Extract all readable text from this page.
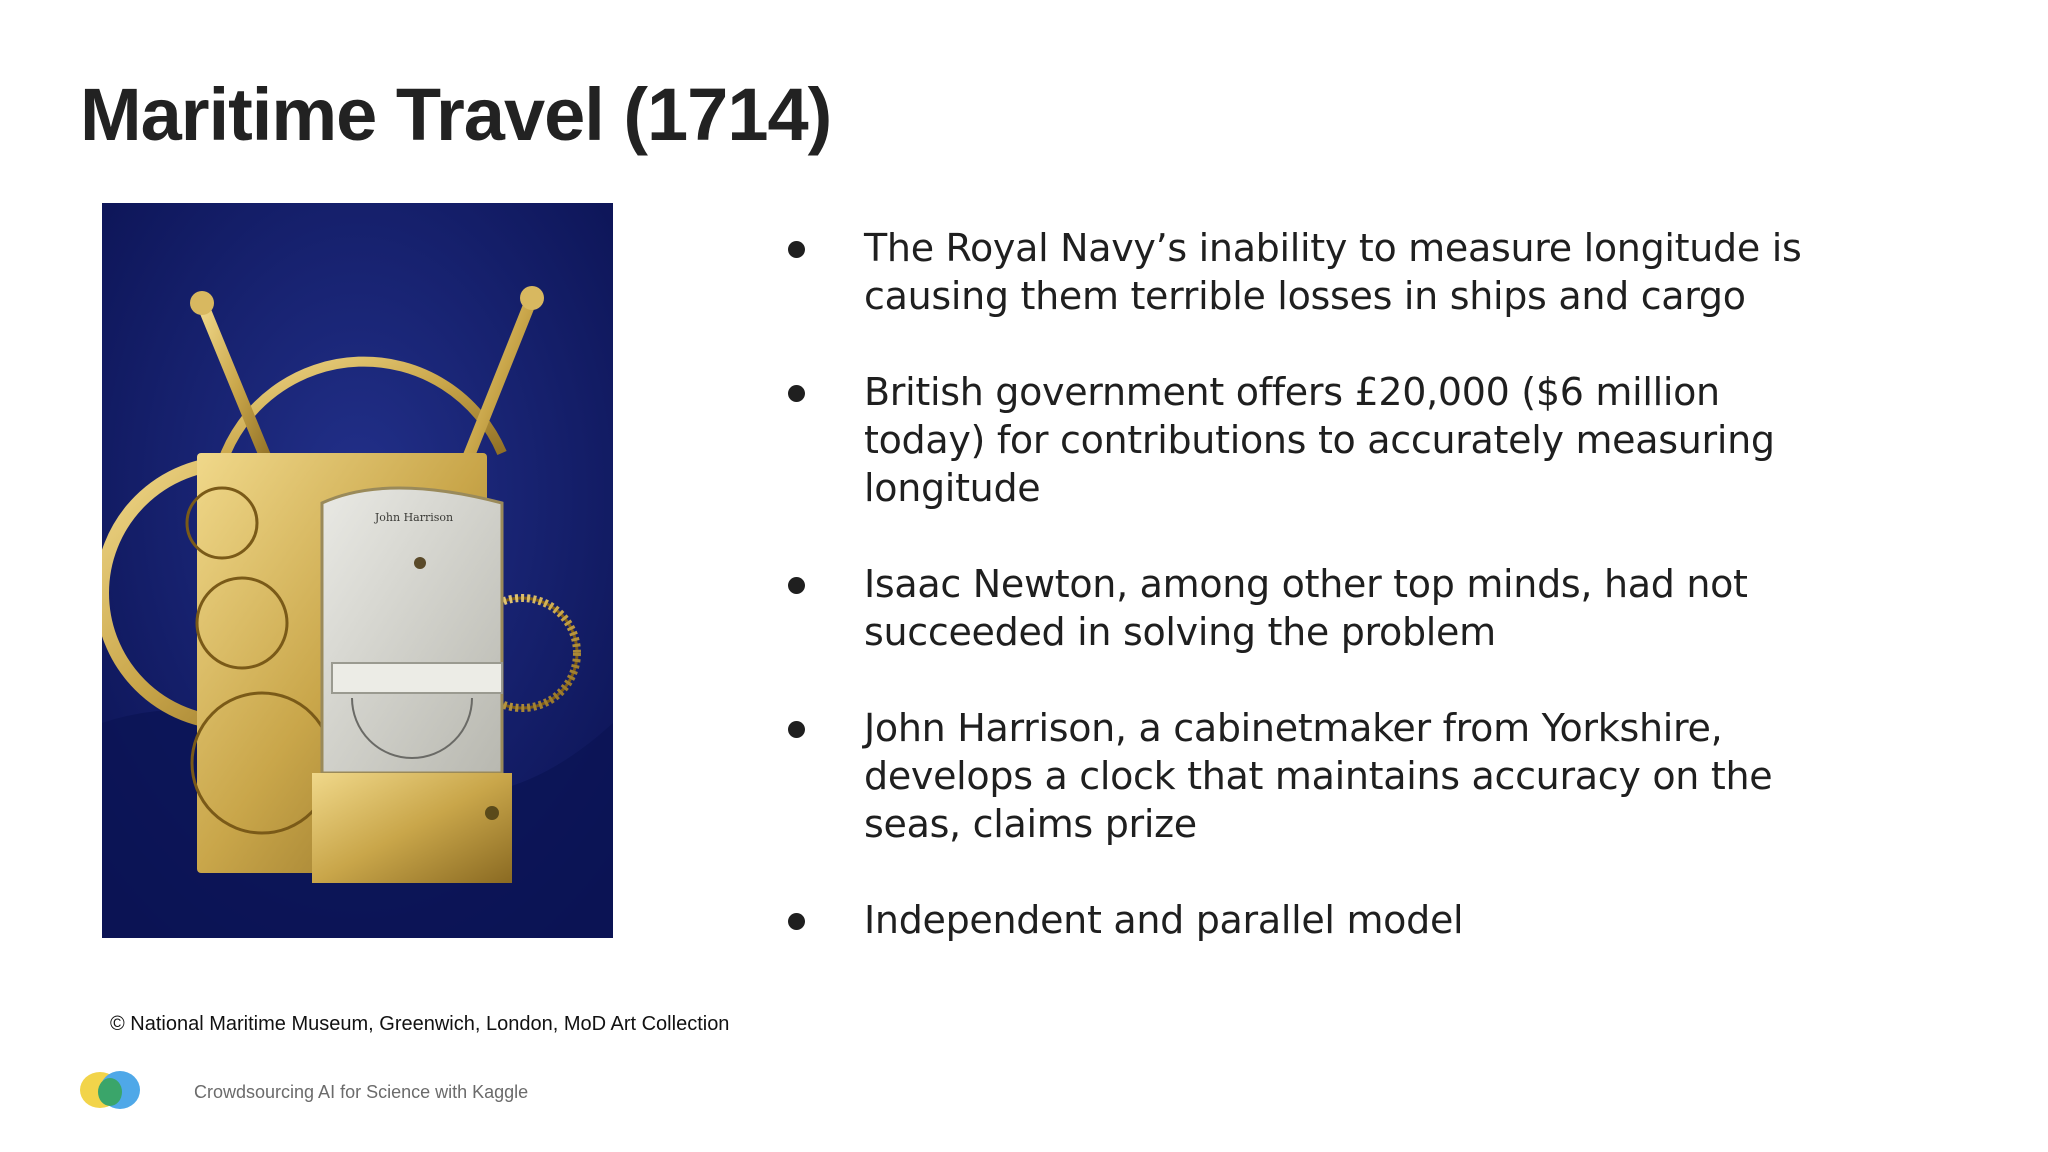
Maritime Travel (1714)
John Harrison
The Royal Navy’s inability to measure longitude is causing them terrible losses in ships and cargo
British government offers £20,000 ($6 million today) for contributions to accurately measuring longitude
Isaac Newton, among other top minds, had not succeeded in solving the problem
John Harrison, a cabinetmaker from Yorkshire, develops a clock that maintains accuracy on the seas, claims prize
Independent and parallel model
© National Maritime Museum, Greenwich, London, MoD Art Collection
Crowdsourcing AI for Science with Kaggle
